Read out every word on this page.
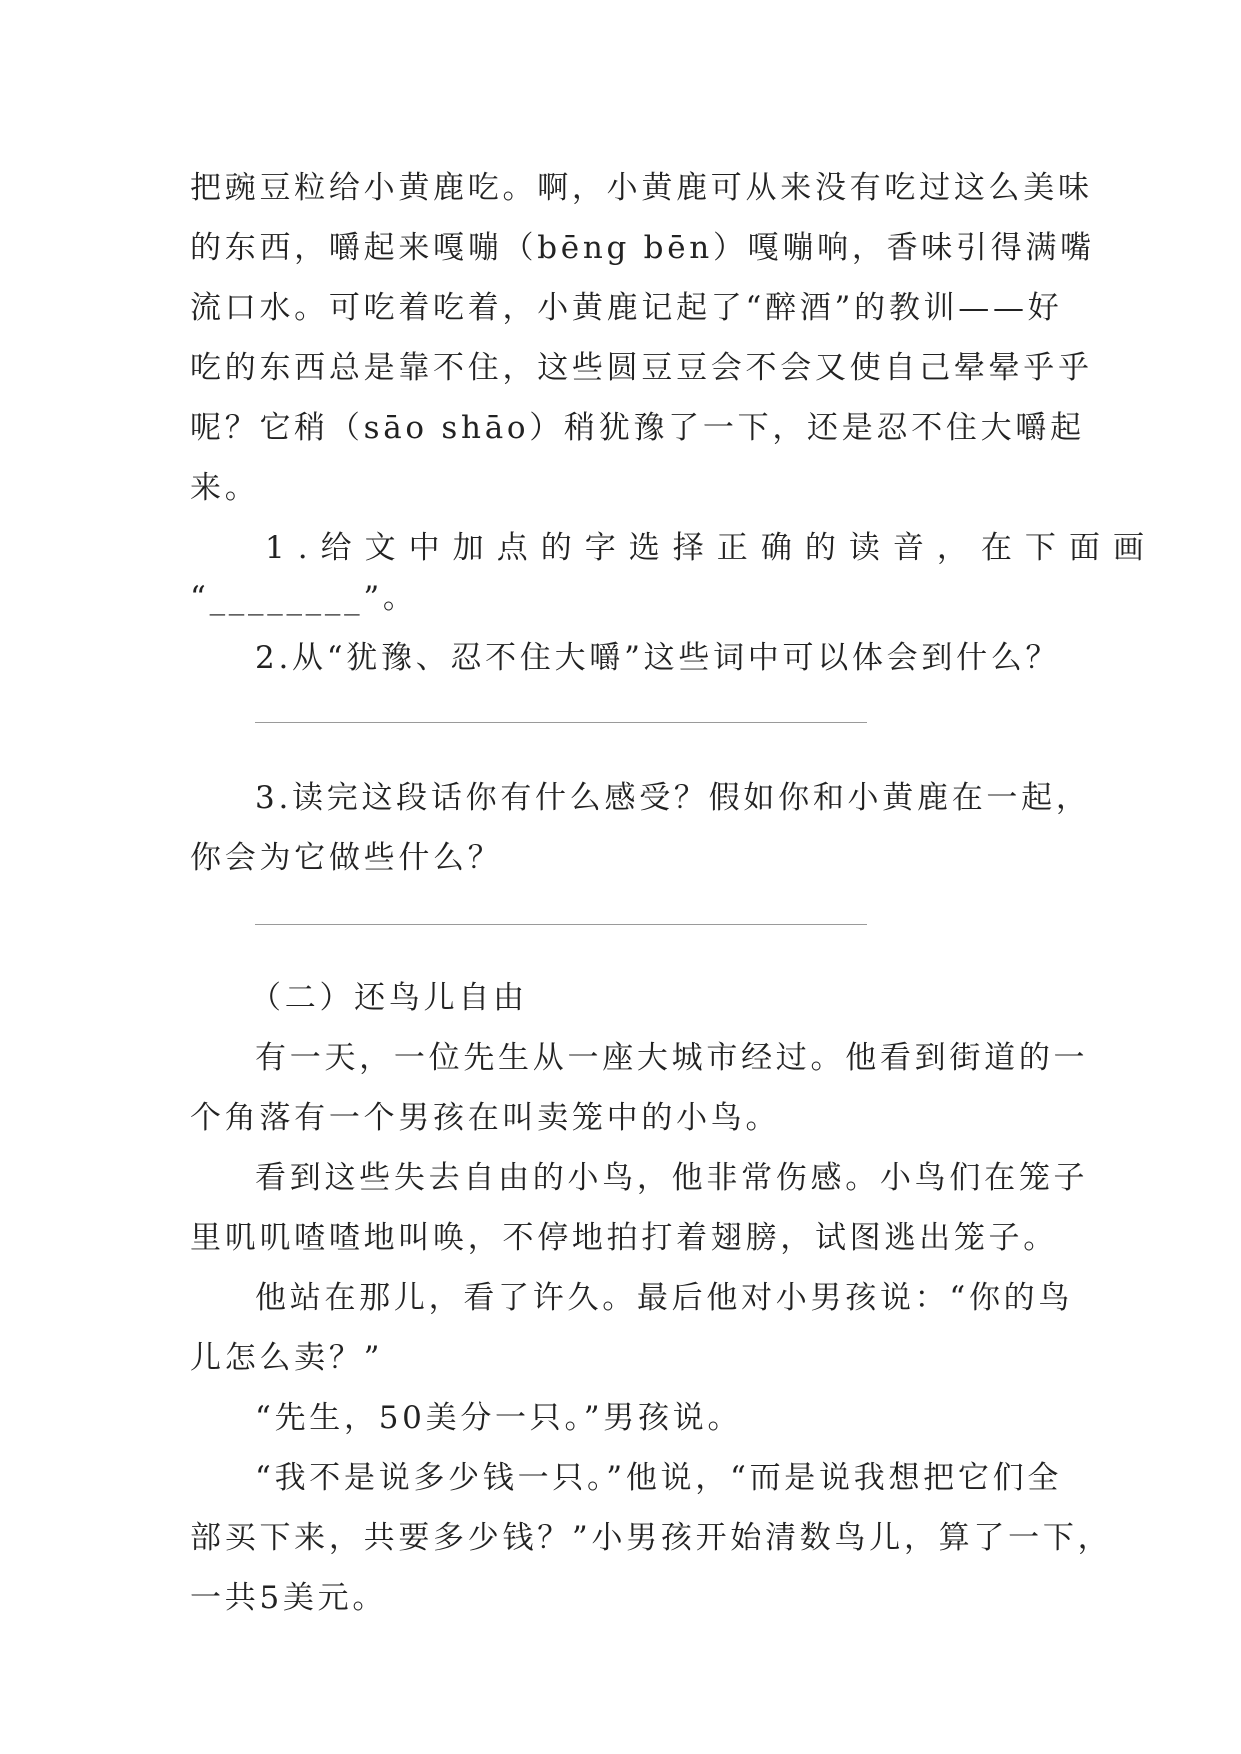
把豌豆粒给小黄鹿吃。啊，小黄鹿可从来没有吃过这么美味
的东西，嚼起来嘎嘣（bēng bēn）嘎嘣响，香味引得满嘴
流口水。可吃着吃着，小黄鹿记起了“醉酒”的教训——好
吃的东西总是靠不住，这些圆豆豆会不会又使自己晕晕乎乎
呢？它稍（sāo shāo）稍犹豫了一下，还是忍不住大嚼起
来。
1.给文中加点的字选择正确的读音，在下面画
“________”。
2.从“犹豫、忍不住大嚼”这些词中可以体会到什么？
3.读完这段话你有什么感受？假如你和小黄鹿在一起，
你会为它做些什么？
（二）还鸟儿自由
有一天，一位先生从一座大城市经过。他看到街道的一
个角落有一个男孩在叫卖笼中的小鸟。
看到这些失去自由的小鸟，他非常伤感。小鸟们在笼子
里叽叽喳喳地叫唤，不停地拍打着翅膀，试图逃出笼子。
他站在那儿，看了许久。最后他对小男孩说：“你的鸟
儿怎么卖？”
“先生，50美分一只。”男孩说。
“我不是说多少钱一只。”他说，“而是说我想把它们全
部买下来，共要多少钱？”小男孩开始清数鸟儿，算了一下，
一共5美元。
